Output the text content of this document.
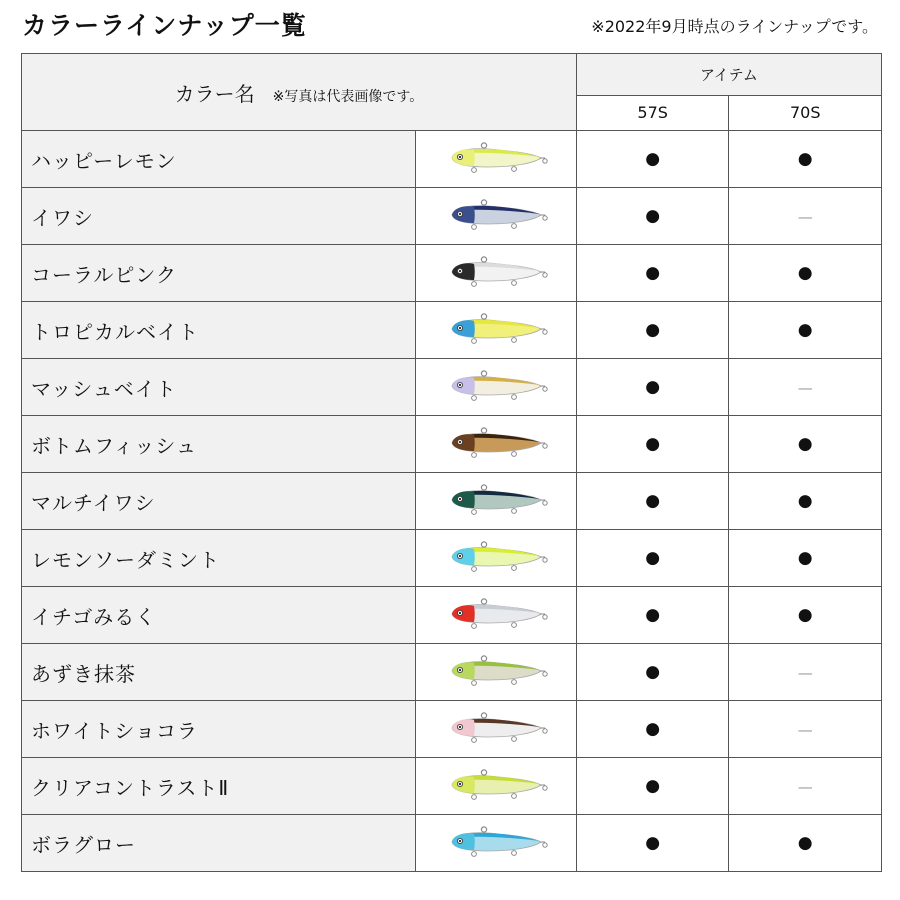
カラーラインナップ一覧	※2022年9月時点のラインナップです。
カラー名 ※写真は代表画像です。		アイテム	
		57S	70S
ハッピーレモン		●	●
イワシ		●	—
コーラルピンク		●	●
トロピカルベイト		●	●
マッシュベイト		●	—
ボトムフィッシュ		●	●
マルチイワシ		●	●
レモンソーダミント		●	●
イチゴみるく		●	●
あずき抹茶		●	—
ホワイトショコラ		●	—
クリアコントラストⅡ		●	—
ボラグロー		●	●
